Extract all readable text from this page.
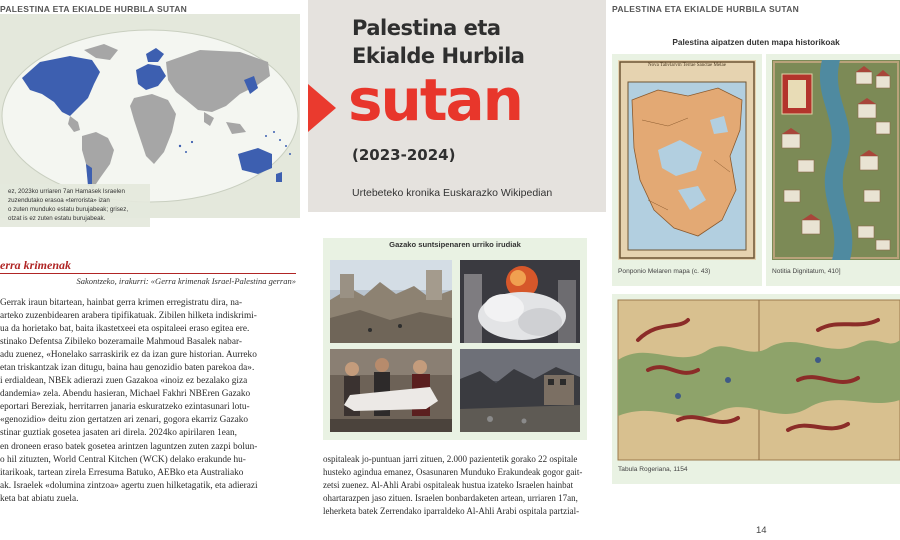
PALESTINA ETA EKIALDE HURBILA SUTAN
ez, 2023ko urriaren 7an Hamasek Israelen
zuzendutako erasoa «terrorista» izan
o zuten munduko estatu burujabeak; grisez,
otzat is ez zuten estatu burujabeak.
erra krimenak
Sakontzeko, irakurri: «Gerra krimenak Israel-Palestina gerran»
Gerrak iraun bitartean, hainbat gerra krimen erregistratu dira, na-
arteko zuzenbidearen arabera tipifikatuak. Zibilen hilketa indiskrimi-
ua da horietako bat, baita ikastetxeei eta ospitaleei eraso egitea ere.
stinako Defentsa Zibileko bozeramaile Mahmoud Basalek nabar-
adu zuenez, «Honelako sarraskirik ez da izan gure historian. Aurreko
etan triskantzak izan ditugu, baina hau genozidio baten parekoa da».
i erdialdean, NBEk adierazi zuen Gazakoa «inoiz ez bezalako giza
dandemia» zela. Abendu hasieran, Michael Fakhri NBEren Gazako
eportari Bereziak, herritarren janaria eskuratzeko ezintasunari lotu-
«genozidio» deitu zion gertatzen ari zenari, gogora ekarriz Gazako
stinar guztiak gosetea jasaten ari direla. 2024ko apirilaren 1ean,
en droneen eraso batek gosetea arintzen laguntzen zuten zazpi bolun-
o hil zituzten, World Central Kitchen (WCK) delako erakunde hu-
itarikoak, tartean zirela Erresuma Batuko, AEBko eta Australiako
ak. Israelek «dolumina zintzoa» agertu zuen hilketagatik, eta adierazi
keta bat abiatu zuela.
Palestina eta
Ekialde Hurbila
sutan
(2023-2024)
Urtebeteko kronika Euskarazko Wikipedian
Gazako suntsipenaren urriko irudiak
ospitaleak jo-puntuan jarri zituen, 2.000 pazientetik gorako 22 ospitale
husteko agindua emanez, Osasunaren Munduko Erakundeak gogor gait-
zetsi zuenez. Al-Ahli Arabi ospitaleak hustua izateko Israelen hainbat
ohartarazpen jaso zituen. Israelen bonbardaketen artean, urriaren 17an,
leherketa batek Zerrendako iparraldeko Al-Ahli Arabi ospitala partzial-
PALESTINA ETA EKIALDE HURBILA SUTAN
Palestina aipatzen duten mapa historikoak
Nova Tabvlarvm Terrae Sanctae Melae
Ponponio Melaren mapa (c. 43)	Notitia Dignitatum, 410]
Tabula Rogeriana, 1154
14
